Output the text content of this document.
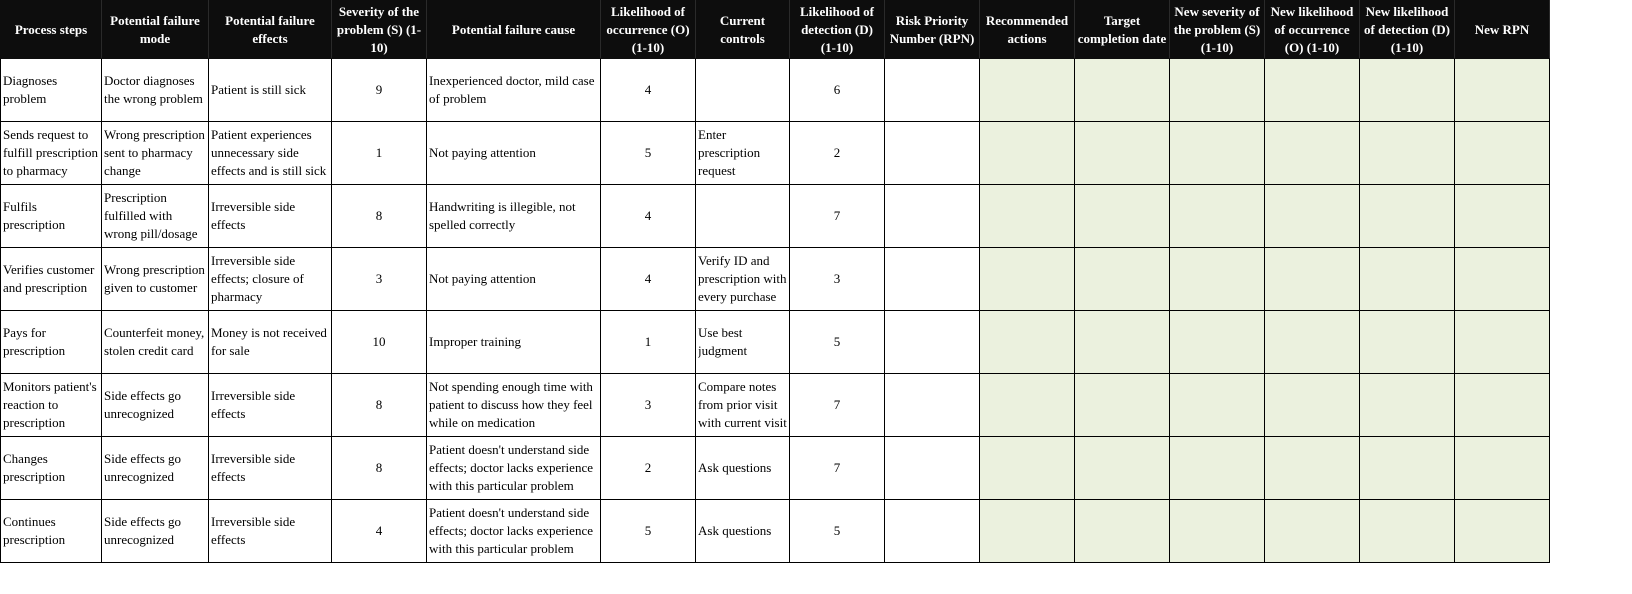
Process steps	Potential failure mode	Potential failure effects	Severity of the problem (S) (1-10)	Potential failure cause	Likelihood of occurrence (O) (1-10)	Current controls	Likelihood of detection (D) (1-10)	Risk Priority Number (RPN)	Recommended actions	Target completion date	New severity of the problem (S) (1-10)	New likelihood of occurrence (O) (1-10)	New likelihood of detection (D) (1-10)	New RPN

Diagnoses problem	Doctor diagnoses the wrong problem	Patient is still sick	9	Inexperienced doctor, mild case of problem	4		6							

Sends request to fulfill prescription to pharmacy	Wrong prescription sent to pharmacy change	Patient experiences unnecessary side effects and is still sick	1	Not paying attention	5	Enter prescription request	2							

Fulfils prescription	Prescription fulfilled with wrong pill/dosage	Irreversible side effects	8	Handwriting is illegible, not spelled correctly	4		7							

Verifies customer and prescription	Wrong prescription given to customer	Irreversible side effects; closure of pharmacy	3	Not paying attention	4	Verify ID and prescription with every purchase	3							

Pays for prescription	Counterfeit money, stolen credit card	Money is not received for sale	10	Improper training	1	Use best judgment	5							

Monitors patient's reaction to prescription	Side effects go unrecognized	Irreversible side effects	8	Not spending enough time with patient to discuss how they feel while on medication	3	Compare notes from prior visit with current visit	7							

Changes prescription	Side effects go unrecognized	Irreversible side effects	8	Patient doesn't understand side effects; doctor lacks experience with this particular problem	2	Ask questions	7							

Continues prescription	Side effects go unrecognized	Irreversible side effects	4	Patient doesn't understand side effects; doctor lacks experience with this particular problem	5	Ask questions	5							
